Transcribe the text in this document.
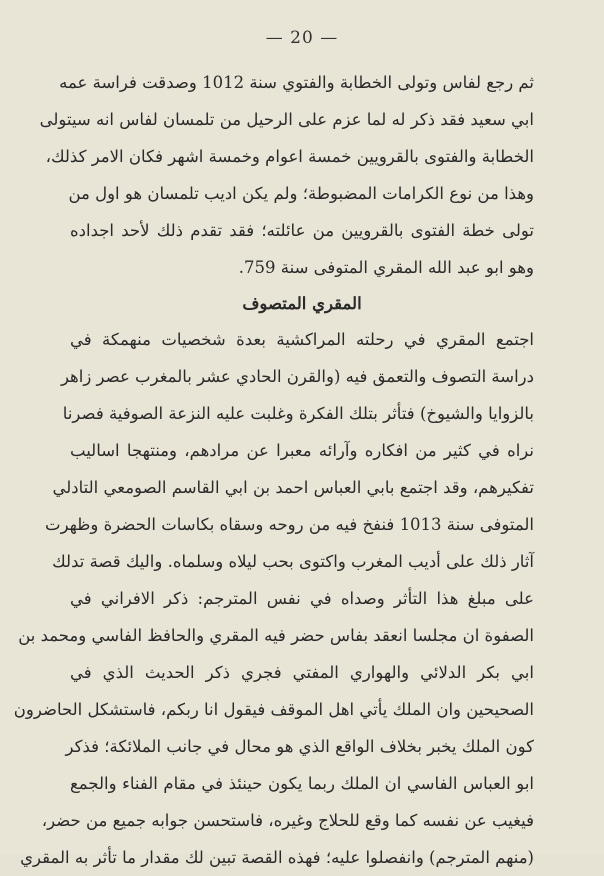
— 20 —
ثم رجع لفاس وتولى الخطابة والفتوي سنة 1012 وصدقت فراسة عمه
ابي سعيد فقد ذكر له لما عزم على الرحيل من تلمسان لفاس انه سيتولى
الخطابة والفتوى بالقرويين خمسة اعوام وخمسة اشهر فكان الامر كذلك،
وهذا من نوع الكرامات المضبوطة؛ ولم يكن اديب تلمسان هو اول من
تولى خطة الفتوى بالقرويين من عائلته؛ فقد تقدم ذلك لأحد اجداده
وهو ابو عبد الله المقري المتوفى سنة 759.
المقري المتصوف
اجتمع المقري في رحلته المراكشية بعدة شخصيات منهمكة في
دراسة التصوف والتعمق فيه (والقرن الحادي عشر بالمغرب عصر زاهر
بالزوايا والشيوخ) فتأثر بتلك الفكرة وغلبت عليه النزعة الصوفية فصرنا
نراه في كثير من افكاره وآرائه معبرا عن مرادهم، ومنتهجا اساليب
تفكيرهم، وقد اجتمع بابي العباس احمد بن ابي القاسم الصومعي التادلي
المتوفى سنة 1013 فنفخ فيه من روحه وسقاه بكاسات الحضرة وظهرت
آثار ذلك على أديب المغرب واكتوى بحب ليلاه وسلماه. واليك قصة تدلك
على مبلغ هذا التأثر وصداه في نفس المترجم: ذكر الافراني في
الصفوة ان مجلسا انعقد بفاس حضر فيه المقري والحافظ الفاسي ومحمد بن
ابي بكر الدلائي والهواري المفتي فجري ذكر الحديث الذي في
الصحيحين وان الملك يأتي اهل الموقف فيقول انا ربكم، فاستشكل الحاضرون
كون الملك يخبر بخلاف الواقع الذي هو محال في جانب الملائكة؛ فذكر
ابو العباس الفاسي ان الملك ربما يكون حينئذ في مقام الفناء والجمع
فيغيب عن نفسه كما وقع للحلاج وغيره، فاستحسن جوابه جميع من حضر،
(منهم المترجم) وانفصلوا عليه؛ فهذه القصة تبين لك مقدار ما تأثر به المقري
